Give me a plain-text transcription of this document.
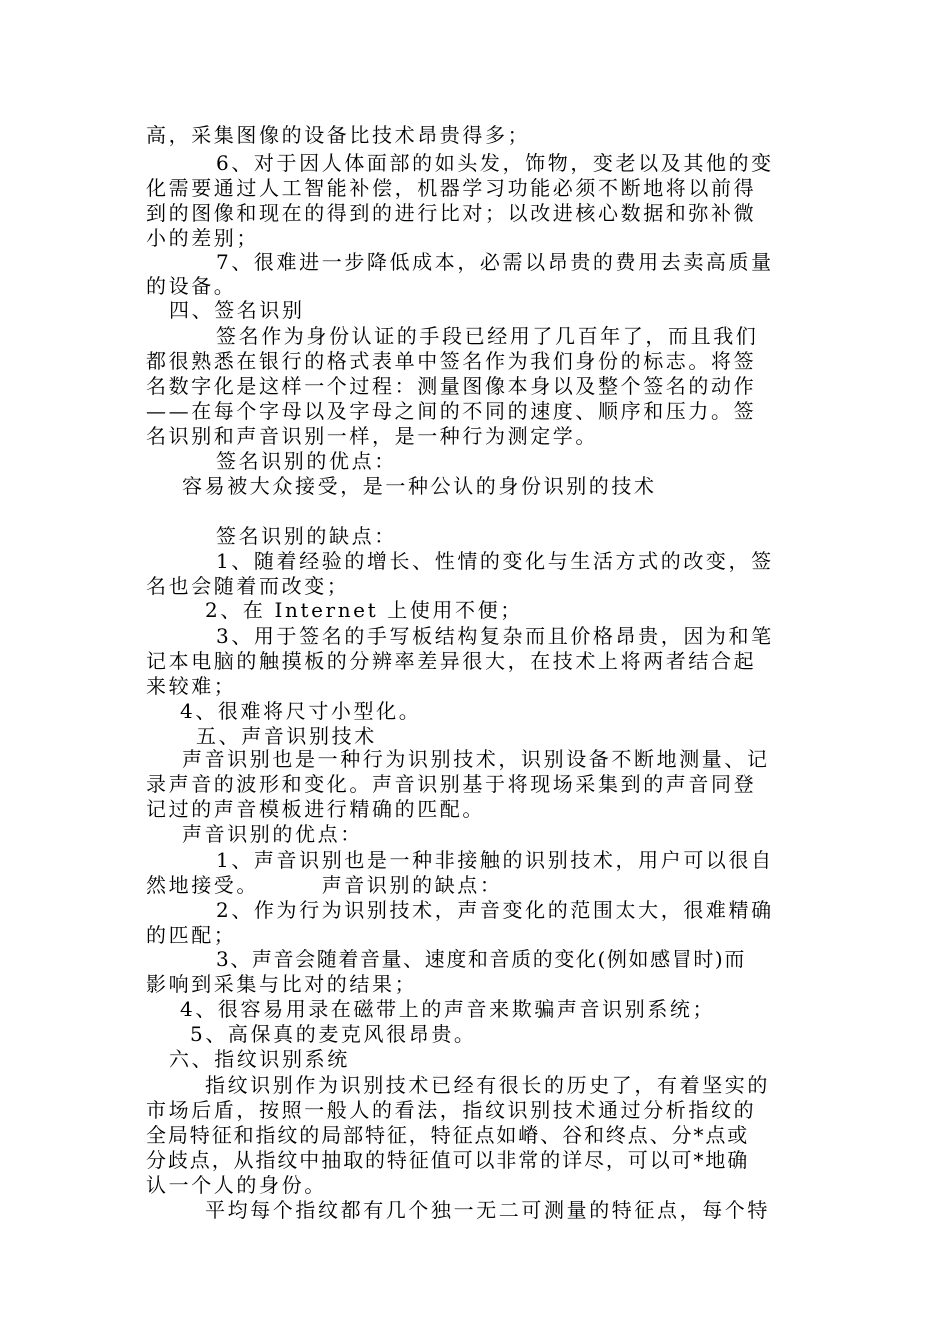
高，采集图像的设备比技术昂贵得多；
6、对于因人体面部的如头发，饰物，变老以及其他的变
化需要通过人工智能补偿，机器学习功能必须不断地将以前得
到的图像和现在的得到的进行比对；以改进核心数据和弥补微
小的差别；
7、很难进一步降低成本，必需以昂贵的费用去卖高质量
的设备。
四、签名识别
签名作为身份认证的手段已经用了几百年了，而且我们
都很熟悉在银行的格式表单中签名作为我们身份的标志。将签
名数字化是这样一个过程：测量图像本身以及整个签名的动作
——在每个字母以及字母之间的不同的速度、顺序和压力。签
名识别和声音识别一样，是一种行为测定学。
签名识别的优点：
容易被大众接受，是一种公认的身份识别的技术
签名识别的缺点：
1、随着经验的增长、性情的变化与生活方式的改变，签
名也会随着而改变；
2、在 Internet 上使用不便；
3、用于签名的手写板结构复杂而且价格昂贵，因为和笔
记本电脑的触摸板的分辨率差异很大，在技术上将两者结合起
来较难；
4、很难将尺寸小型化。
五、声音识别技术
声音识别也是一种行为识别技术，识别设备不断地测量、记
录声音的波形和变化。声音识别基于将现场采集到的声音同登
记过的声音模板进行精确的匹配。
声音识别的优点：
1、声音识别也是一种非接触的识别技术，用户可以很自
然地接受。       声音识别的缺点：
2、作为行为识别技术，声音变化的范围太大，很难精确
的匹配；
3、声音会随着音量、速度和音质的变化(例如感冒时)而
影响到采集与比对的结果；
4、很容易用录在磁带上的声音来欺骗声音识别系统；
5、高保真的麦克风很昂贵。
六、指纹识别系统
指纹识别作为识别技术已经有很长的历史了，有着坚实的
市场后盾，按照一般人的看法，指纹识别技术通过分析指纹的
全局特征和指纹的局部特征，特征点如嵴、谷和终点、分*点或
分歧点，从指纹中抽取的特征值可以非常的详尽，可以可*地确
认一个人的身份。
平均每个指纹都有几个独一无二可测量的特征点，每个特
